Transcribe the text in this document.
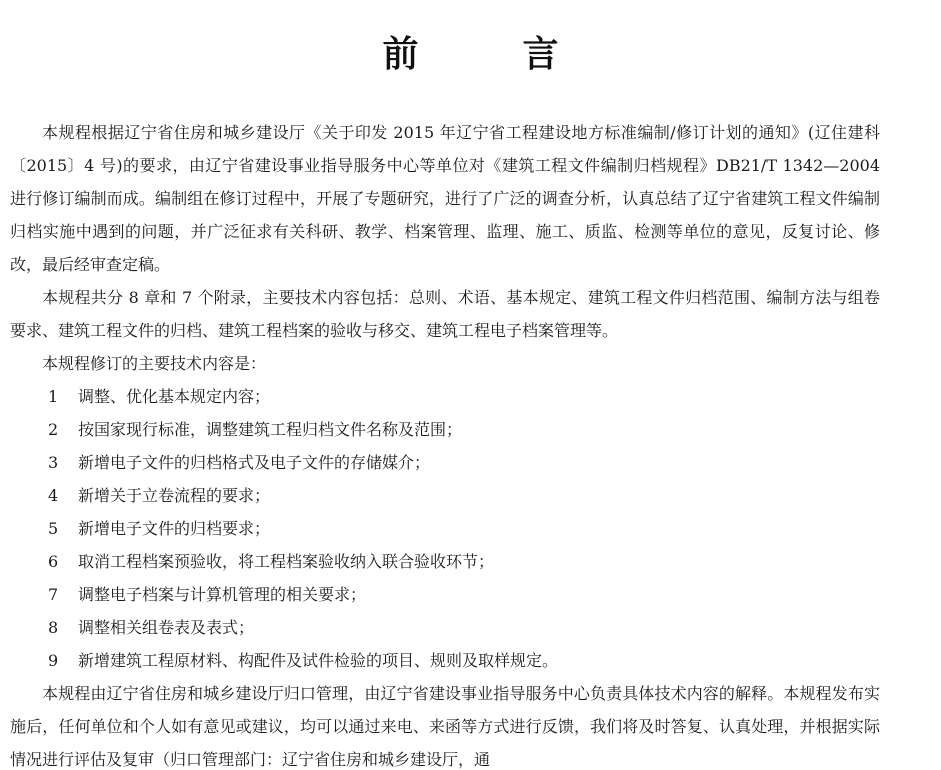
前　言

本规程根据辽宁省住房和城乡建设厅《关于印发 2015 年辽宁省工程建设地方标准编制/修订计划的通知》(辽住建科〔2015〕4 号)的要求，由辽宁省建设事业指导服务中心等单位对《建筑工程文件编制归档规程》DB21/T 1342—2004 进行修订编制而成。编制组在修订过程中，开展了专题研究，进行了广泛的调查分析，认真总结了辽宁省建筑工程文件编制归档实施中遇到的问题，并广泛征求有关科研、教学、档案管理、监理、施工、质监、检测等单位的意见，反复讨论、修改，最后经审查定稿。

本规程共分 8 章和 7 个附录，主要技术内容包括：总则、术语、基本规定、建筑工程文件归档范围、编制方法与组卷要求、建筑工程文件的归档、建筑工程档案的验收与移交、建筑工程电子档案管理等。

本规程修订的主要技术内容是：

1	调整、优化基本规定内容；
2	按国家现行标准，调整建筑工程归档文件名称及范围；
3	新增电子文件的归档格式及电子文件的存储媒介；
4	新增关于立卷流程的要求；
5	新增电子文件的归档要求；
6	取消工程档案预验收，将工程档案验收纳入联合验收环节；
7	调整电子档案与计算机管理的相关要求；
8	调整相关组卷表及表式；
9	新增建筑工程原材料、构配件及试件检验的项目、规则及取样规定。

本规程由辽宁省住房和城乡建设厅归口管理，由辽宁省建设事业指导服务中心负责具体技术内容的解释。本规程发布实施后，任何单位和个人如有意见或建议，均可以通过来电、来函等方式进行反馈，我们将及时答复、认真处理，并根据实际情况进行评估及复审（归口管理部门：辽宁省住房和城乡建设厅，通
